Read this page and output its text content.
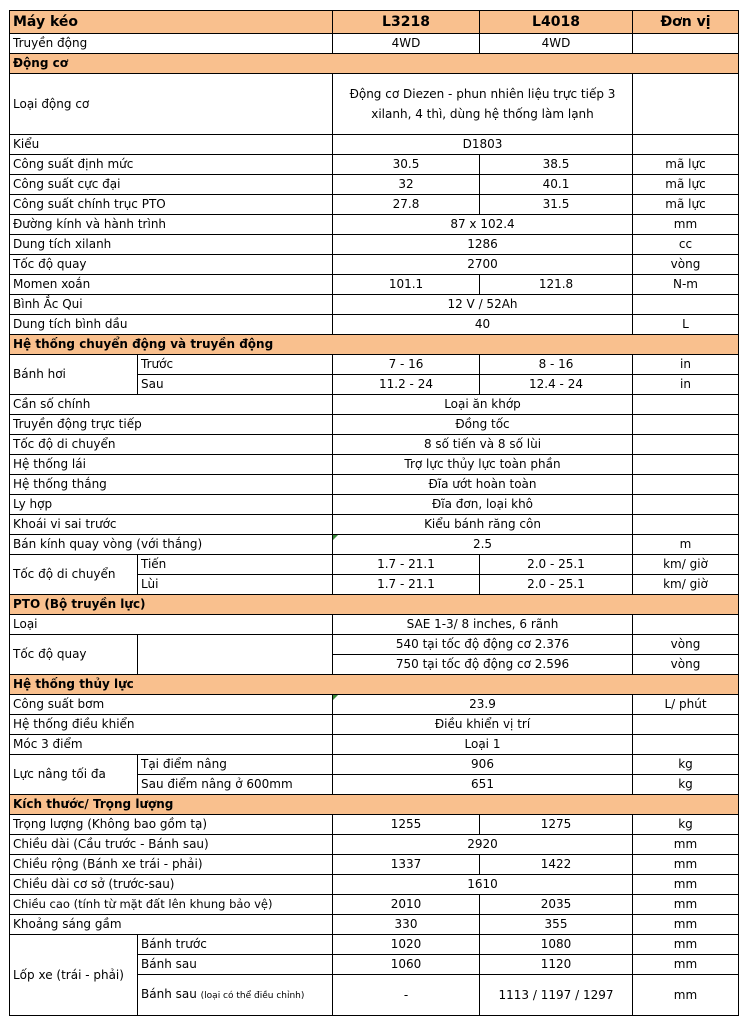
Máy kéo		L3218	L4018	Đơn vị
Truyền động		4WD	4WD	
Động cơ				
Loại động cơ		Động cơ Diezen - phun nhiên liệu trực tiếp 3 xilanh, 4 thì, dùng hệ thống làm lạnh		

Kiểu		D1803		
Công suất định mức		30.5	38.5	mã lực
Công suất cực đại		32	40.1	mã lực
Công suất chính trục PTO		27.8	31.5	mã lực
Đường kính và hành trình		87 x 102.4		mm
Dung tích xilanh		1286		cc
Tốc độ quay		2700		vòng
Momen xoắn		101.1	121.8	N-m
Bình Ắc Qui		12 V / 52Ah		
Dung tích bình dầu		40		L
Hệ thống chuyển động và truyền động				
Bánh hơi	Trước	7 - 16	8 - 16	in
	Sau	11.2 - 24	12.4 - 24	in
Cần số chính		Loại ăn khớp		
Truyền động trực tiếp		Đồng tốc		
Tốc độ di chuyển		8 số tiến và 8 số lùi		
Hệ thống lái		Trợ lực thủy lực toàn phần		
Hệ thống thắng		Đĩa ướt hoàn toàn		
Ly hợp		Đĩa đơn, loại khô		
Khoái vi sai trước		Kiểu bánh răng côn		
Bán kính quay vòng (với thắng)		2.5		m
Tốc độ di chuyển	Tiến	1.7 - 21.1	2.0 - 25.1	km/ giờ
	Lùi	1.7 - 21.1	2.0 - 25.1	km/ giờ
PTO (Bộ truyền lực)				
Loại		SAE 1-3/ 8 inches, 6 rãnh		
Tốc độ quay		540 tại tốc độ động cơ 2.376		vòng
		750 tại tốc độ động cơ 2.596		vòng
Hệ thống thủy lực				
Công suất bơm		23.9		L/ phút
Hệ thống điều khiển		Điều khiển vị trí		
Móc 3 điểm		Loại 1		
Lực nâng tối đa	Tại điểm nâng	906		kg
	Sau điểm nâng ở 600mm	651		kg
Kích thước/ Trọng lượng				
Trọng lượng (Không bao gồm tạ)		1255	1275	kg
Chiều dài (Cầu trước - Bánh sau)		2920		mm
Chiều rộng (Bánh xe trái - phải)		1337	1422	mm
Chiều dài cơ sở (trước-sau)		1610		mm
Chiều cao (tính từ mặt đất lên khung bảo vệ)		2010	2035	mm
Khoảng sáng gầm		330	355	mm
Lốp xe (trái - phải)	Bánh trước	1020	1080	mm
	Bánh sau	1060	1120	mm
	Bánh sau (loại có thể điều chỉnh)	-	1113 / 1197 / 1297	mm
